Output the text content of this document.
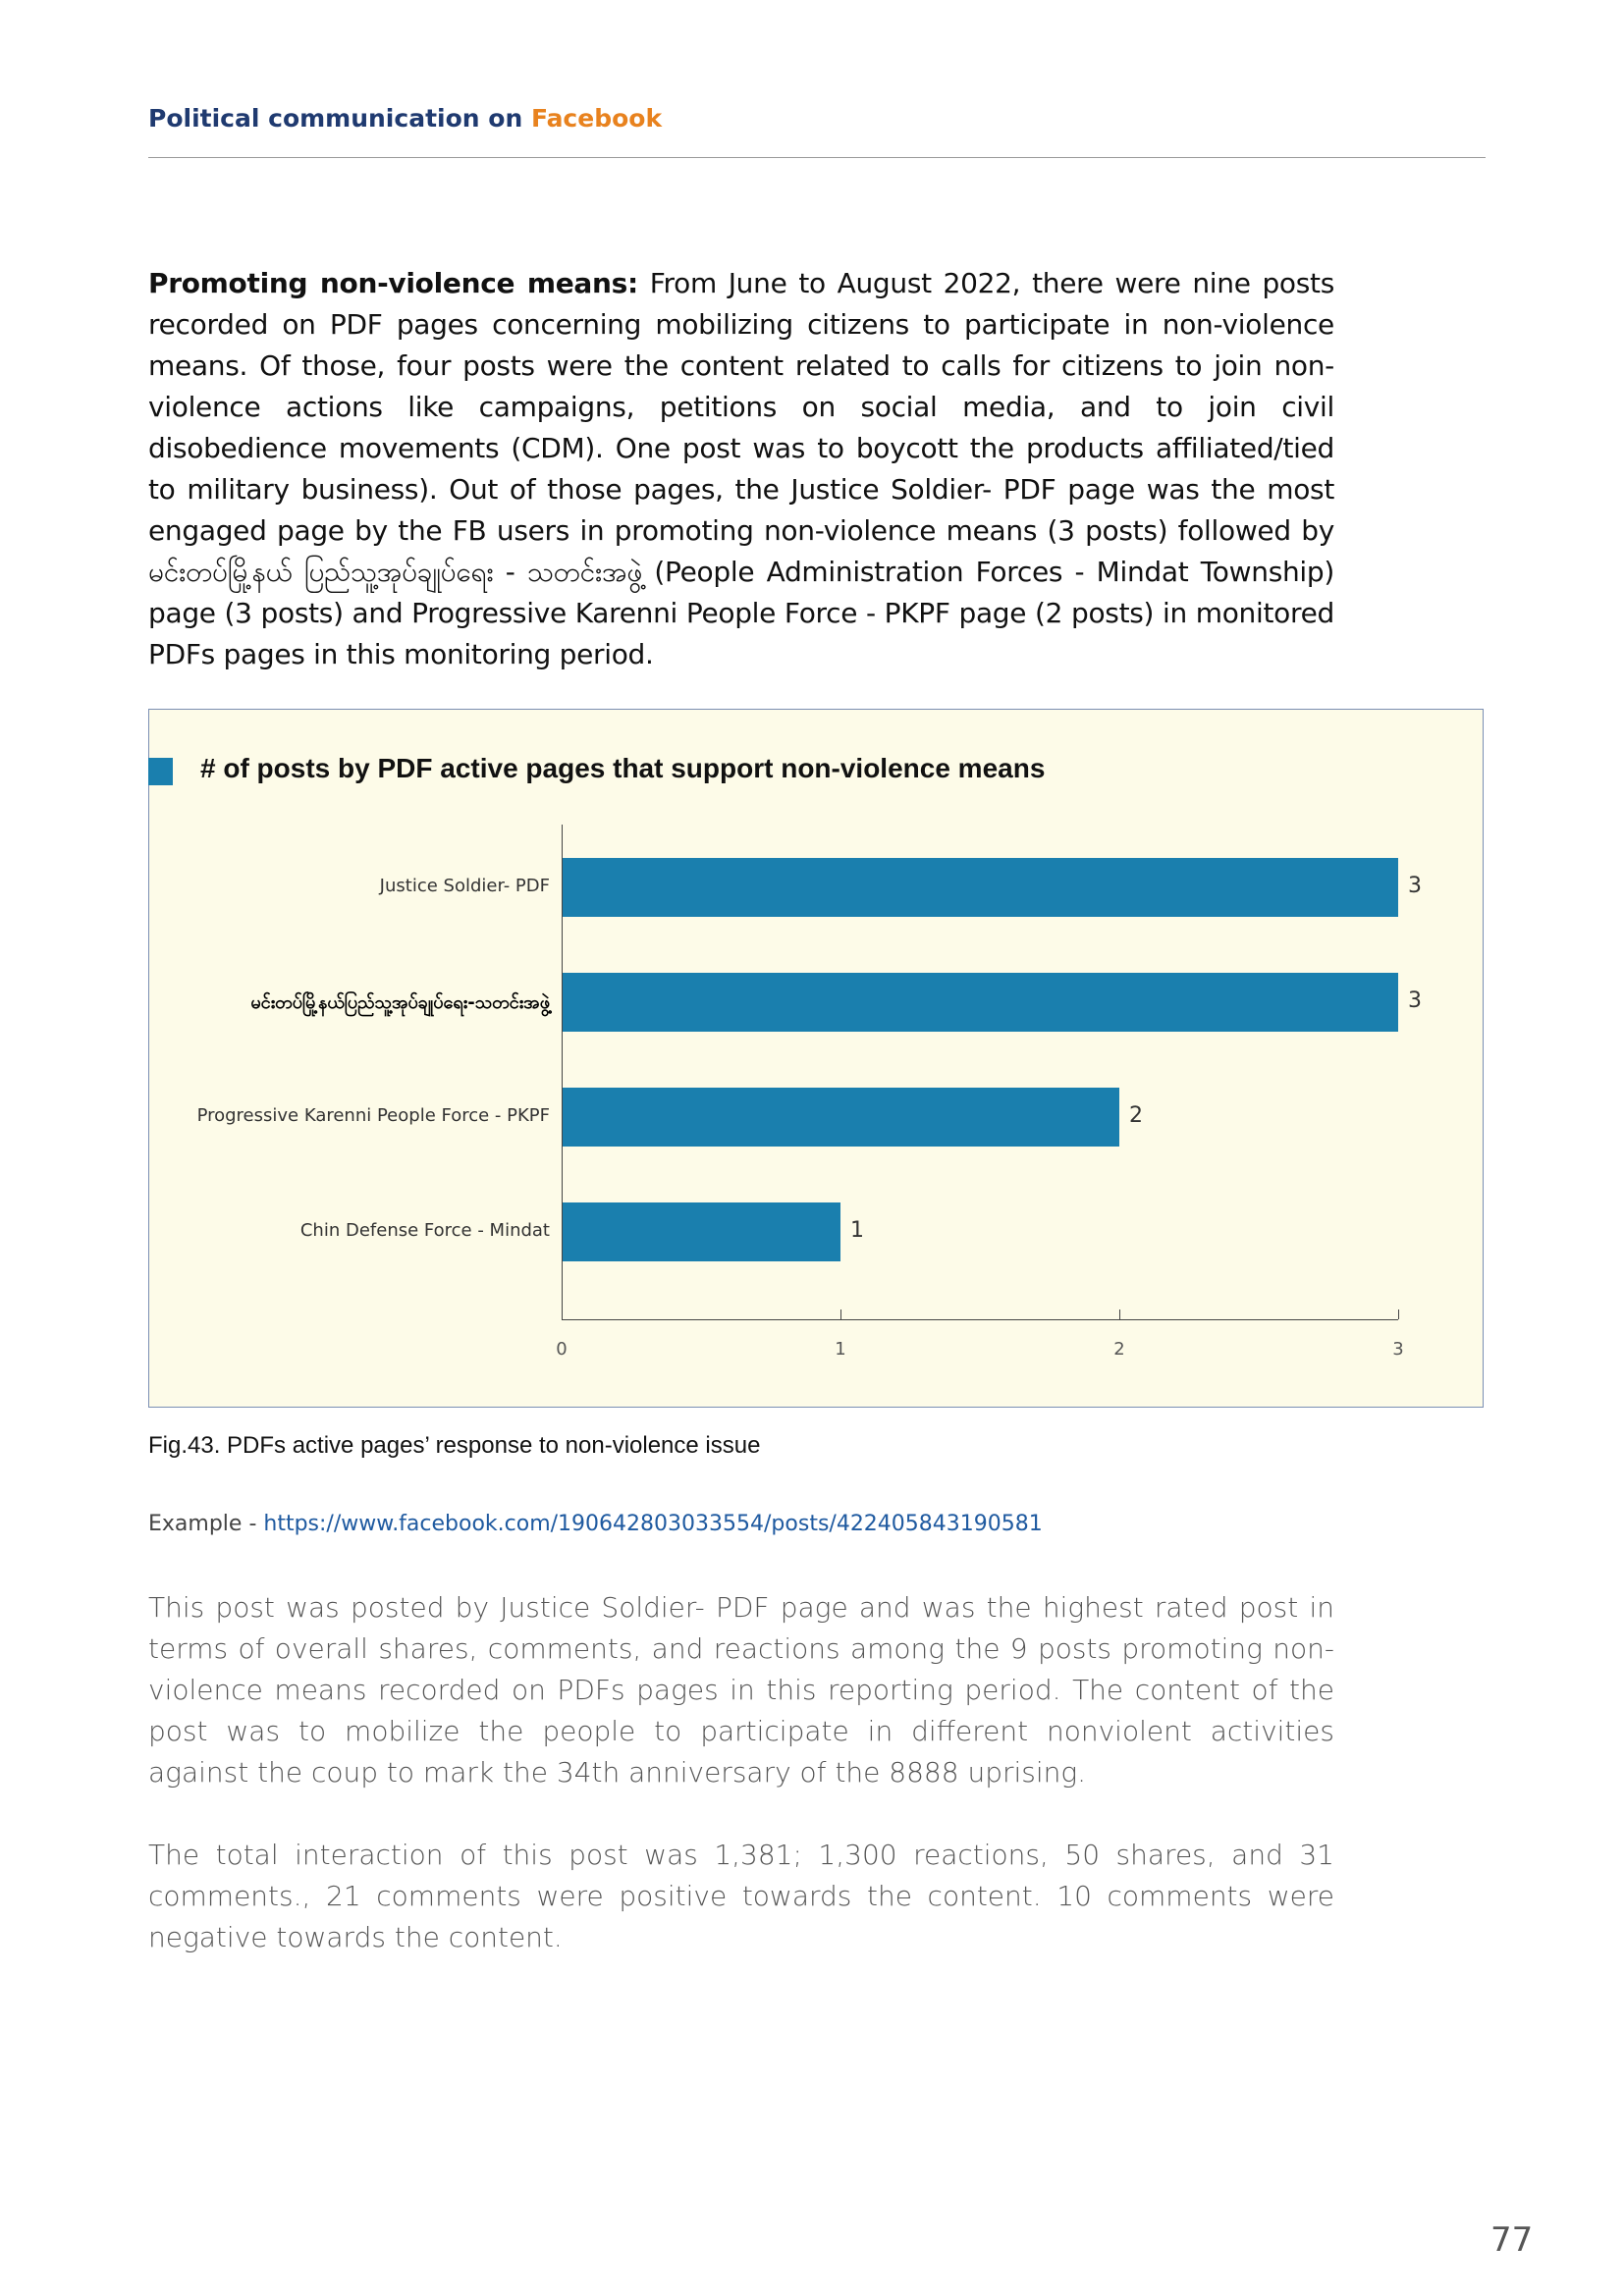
Political communication on Facebook
Promoting non-violence means: From June to August 2022, there were nine posts recorded on PDF pages concerning mobilizing citizens to participate in non-violence means. Of those, four posts were the content related to calls for citizens to join non-violence actions like campaigns, petitions on social media, and to join civil disobedience movements (CDM). One post was to boycott the products affiliated/tied to military business). Out of those pages, the Justice Soldier- PDF page was the most engaged page by the FB users in promoting non-violence means (3 posts) followed by မင်းတပ်မြို့နယ် ပြည်သူ့အုပ်ချုပ်ရေး - သတင်းအဖွဲ့ (People Administration Forces - Mindat Township) page (3 posts) and Progressive Karenni People Force - PKPF page (2 posts) in monitored PDFs pages in this monitoring period.
# of posts by PDF active pages that support non-violence means
Justice Soldier- PDF	3
မင်းတပ်မြို့နယ်ပြည်သူ့အုပ်ချုပ်ရေး-သတင်းအဖွဲ့	3
Progressive Karenni People Force - PKPF	2
Chin Defense Force - Mindat	1
0	1	2	3
Fig.43. PDFs active pages’ response to non-violence issue
Example - https://www.facebook.com/190642803033554/posts/422405843190581
This post was posted by Justice Soldier- PDF page and was the highest rated post in terms of overall shares, comments, and reactions among the 9 posts promoting non-violence means recorded on PDFs pages in this reporting period. The content of the post was to mobilize the people to participate in different nonviolent activities against the coup to mark the 34th anniversary of the 8888 uprising.
The total interaction of this post was 1,381; 1,300 reactions, 50 shares, and 31 comments., 21 comments were positive towards the content. 10 comments were negative towards the content.
77
